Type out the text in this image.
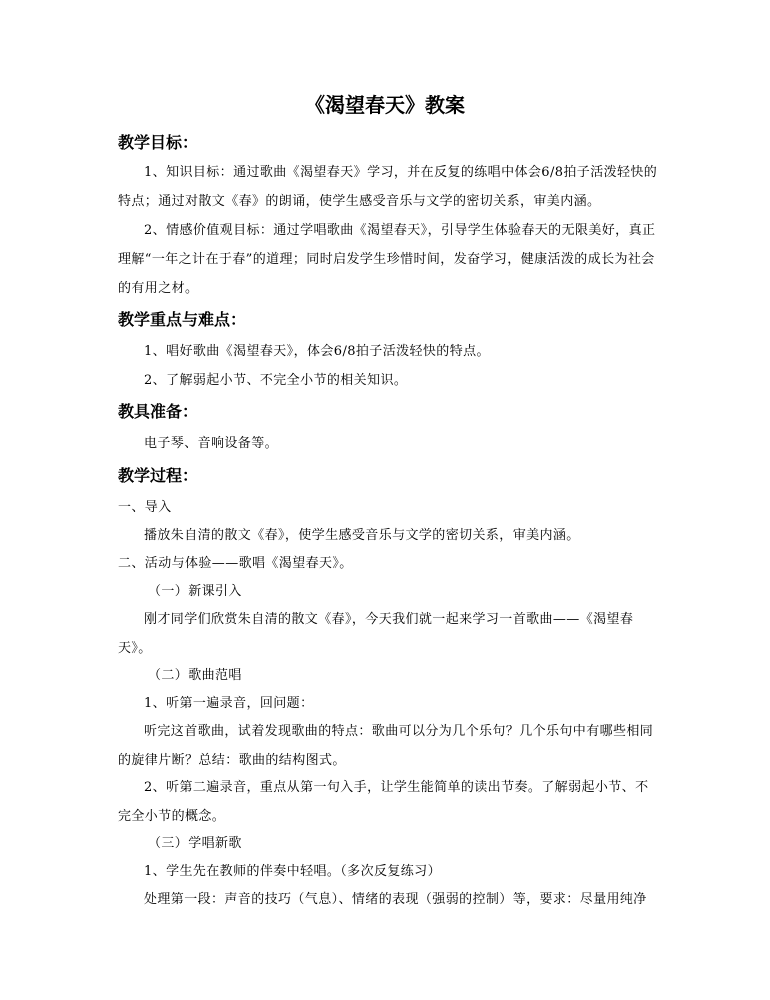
《渴望春天》教案
教学目标：

1、知识目标：通过歌曲《渴望春天》学习，并在反复的练唱中体会6/8拍子活泼轻快的特点；通过对散文《春》的朗诵，使学生感受音乐与文学的密切关系，审美内涵。

2、情感价值观目标：通过学唱歌曲《渴望春天》，引导学生体验春天的无限美好，真正理解“一年之计在于春”的道理；同时启发学生珍惜时间，发奋学习，健康活泼的成长为社会的有用之材。

教学重点与难点：

1、唱好歌曲《渴望春天》，体会6/8拍子活泼轻快的特点。

2、了解弱起小节、不完全小节的相关知识。

教具准备：

电子琴、音响设备等。

教学过程：

一、导入

播放朱自清的散文《春》，使学生感受音乐与文学的密切关系，审美内涵。

二、活动与体验——歌唱《渴望春天》。

（一）新课引入

刚才同学们欣赏朱自清的散文《春》，今天我们就一起来学习一首歌曲——《渴望春天》。

（二）歌曲范唱

1、听第一遍录音，回问题：

听完这首歌曲，试着发现歌曲的特点：歌曲可以分为几个乐句？几个乐句中有哪些相同的旋律片断？总结：歌曲的结构图式。

2、听第二遍录音，重点从第一句入手，让学生能简单的读出节奏。了解弱起小节、不完全小节的概念。

（三）学唱新歌

1、学生先在教师的伴奏中轻唱。（多次反复练习）

处理第一段：声音的技巧（气息）、情绪的表现（强弱的控制）等，要求：尽量用纯净
